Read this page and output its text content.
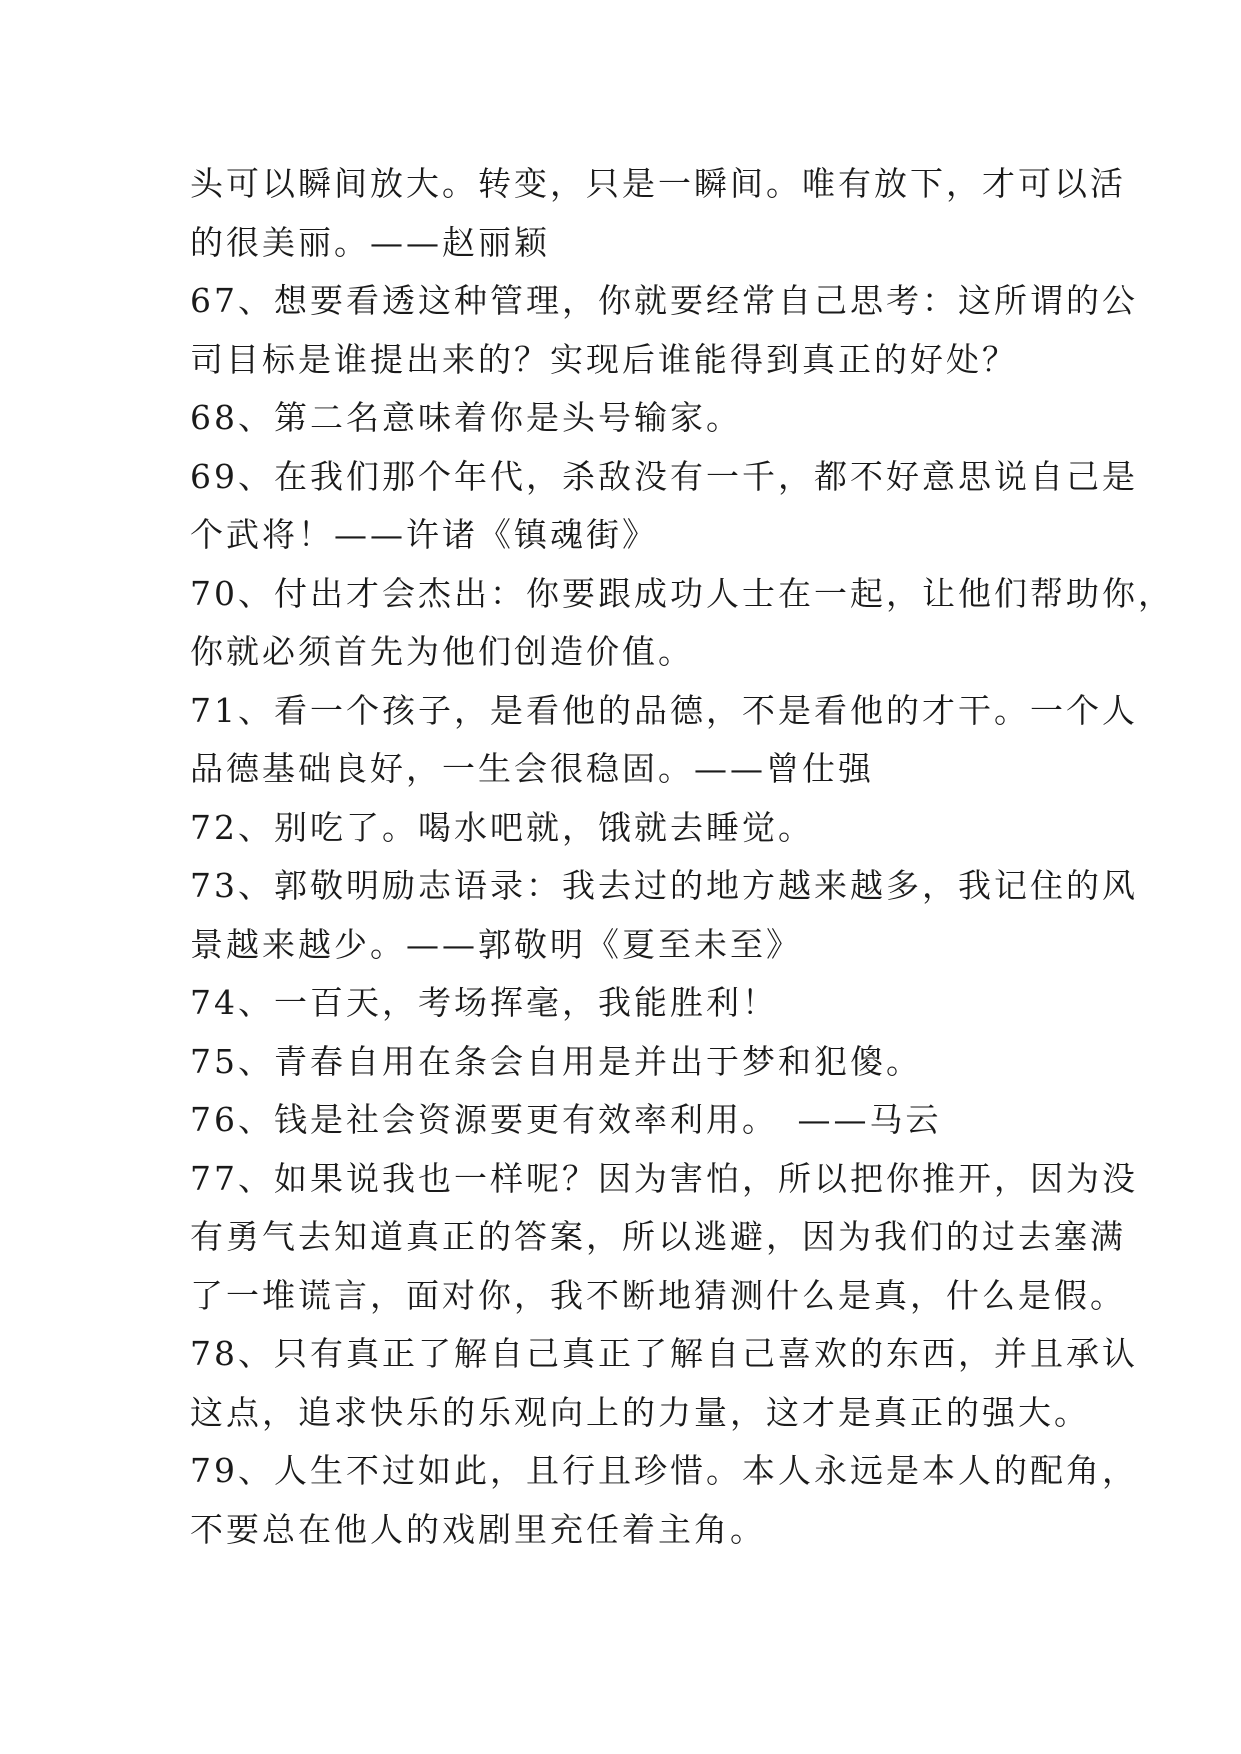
头可以瞬间放大。转变，只是一瞬间。唯有放下，才可以活
的很美丽。——赵丽颖
67、想要看透这种管理，你就要经常自己思考：这所谓的公
司目标是谁提出来的？实现后谁能得到真正的好处？
68、第二名意味着你是头号输家。
69、在我们那个年代，杀敌没有一千，都不好意思说自己是
个武将！——许诸《镇魂街》
70、付出才会杰出：你要跟成功人士在一起，让他们帮助你，
你就必须首先为他们创造价值。
71、看一个孩子，是看他的品德，不是看他的才干。一个人
品德基础良好，一生会很稳固。——曾仕强
72、别吃了。喝水吧就，饿就去睡觉。
73、郭敬明励志语录：我去过的地方越来越多，我记住的风
景越来越少。——郭敬明《夏至未至》
74、一百天，考场挥毫，我能胜利！
75、青春自用在条会自用是并出于梦和犯傻。
76、钱是社会资源要更有效率利用。　——马云
77、如果说我也一样呢？因为害怕，所以把你推开，因为没
有勇气去知道真正的答案，所以逃避，因为我们的过去塞满
了一堆谎言，面对你，我不断地猜测什么是真，什么是假。
78、只有真正了解自己真正了解自己喜欢的东西，并且承认
这点，追求快乐的乐观向上的力量，这才是真正的强大。
79、人生不过如此，且行且珍惜。本人永远是本人的配角，
不要总在他人的戏剧里充任着主角。
